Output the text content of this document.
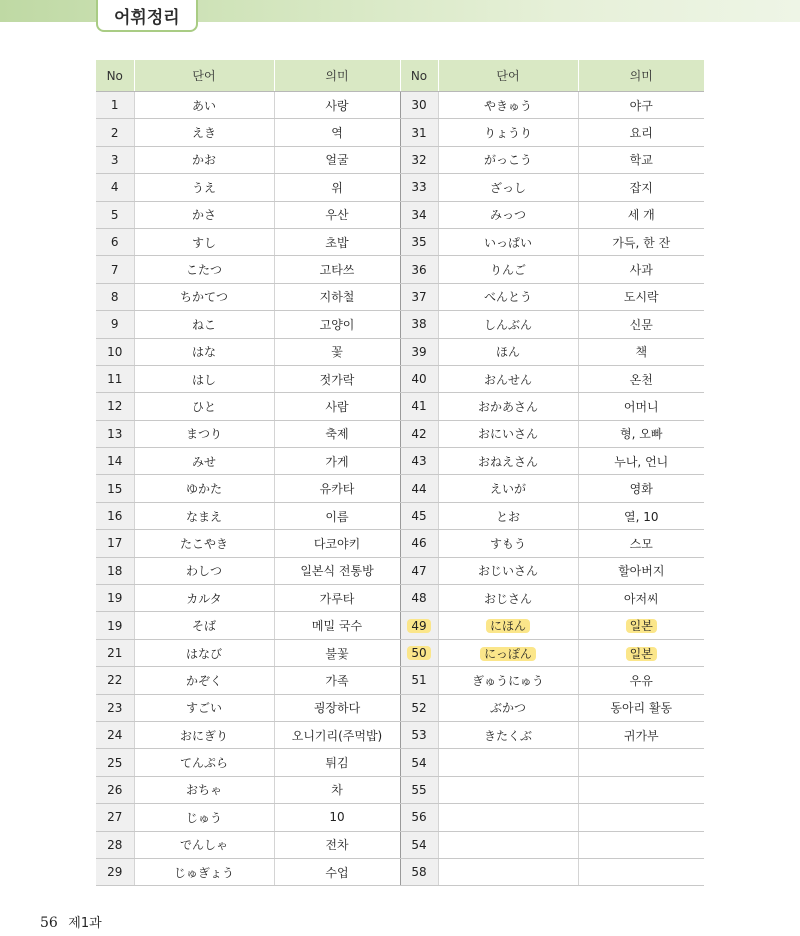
어휘정리
No	단어	의미	No	단어	의미
1	あい	사랑	30	やきゅう	야구
2	えき	역	31	りょうり	요리
3	かお	얼굴	32	がっこう	학교
4	うえ	위	33	ざっし	잡지
5	かさ	우산	34	みっつ	세 개
6	すし	초밥	35	いっぱい	가득, 한 잔
7	こたつ	고타쓰	36	りんご	사과
8	ちかてつ	지하철	37	べんとう	도시락
9	ねこ	고양이	38	しんぶん	신문
10	はな	꽃	39	ほん	책
11	はし	젓가락	40	おんせん	온천
12	ひと	사람	41	おかあさん	어머니
13	まつり	축제	42	おにいさん	형, 오빠
14	みせ	가게	43	おねえさん	누나, 언니
15	ゆかた	유카타	44	えいが	영화
16	なまえ	이름	45	とお	열, 10
17	たこやき	다코야키	46	すもう	스모
18	わしつ	일본식 전통방	47	おじいさん	할아버지
19	カルタ	가루타	48	おじさん	아저씨
19	そば	메밀 국수	49	にほん	일본
21	はなび	불꽃	50	にっぽん	일본
22	かぞく	가족	51	ぎゅうにゅう	우유
23	すごい	굉장하다	52	ぶかつ	동아리 활동
24	おにぎり	오니기리(주먹밥)	53	きたくぶ	귀가부
25	てんぷら	튀김	54		
26	おちゃ	차	55		
27	じゅう	10	56		
28	でんしゃ	전차	54		
29	じゅぎょう	수업	58		
56 제1과
